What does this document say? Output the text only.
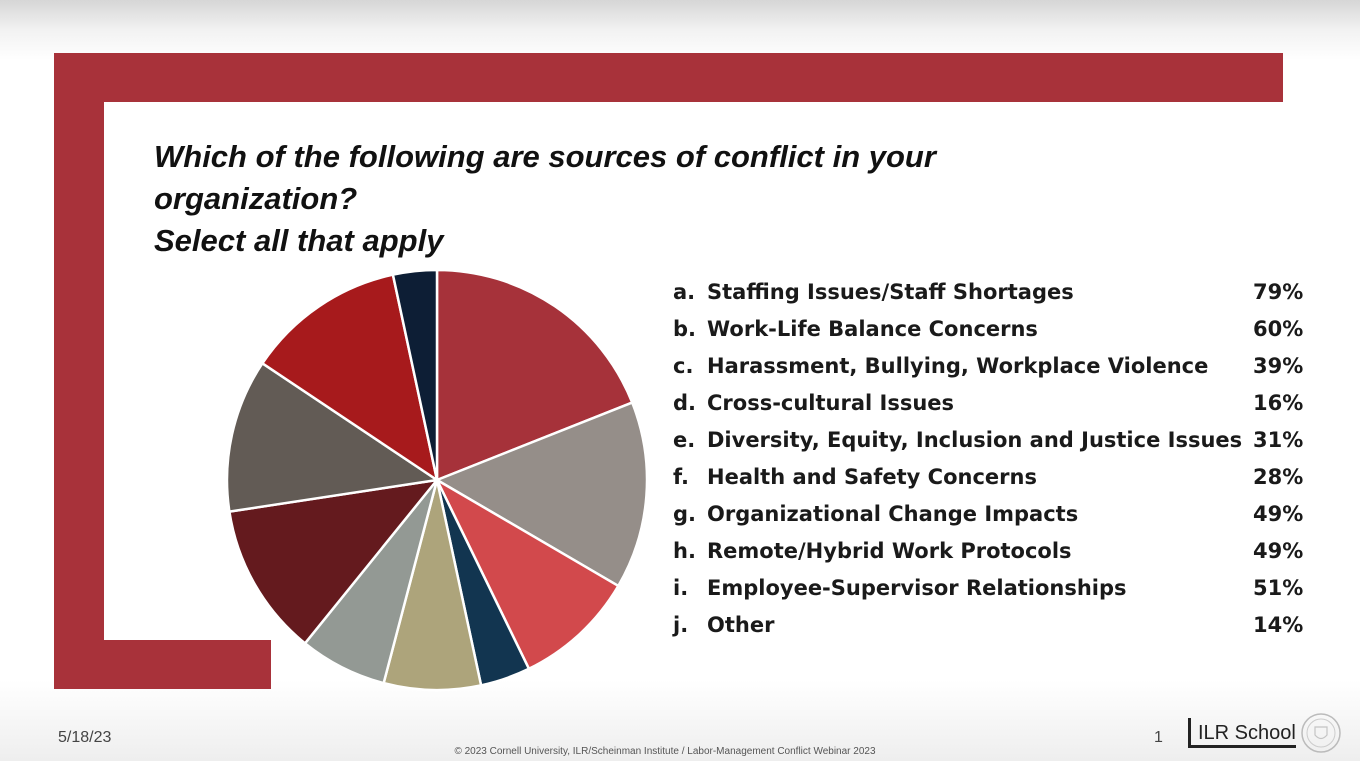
Which of the following are sources of conflict in your
organization?
Select all that apply
a. Staffing Issues/Staff Shortages	79%
b. Work-Life Balance Concerns	60%
c. Harassment, Bullying, Workplace Violence 39%
d. Cross-cultural Issues	16%
e. Diversity, Equity, Inclusion and Justice Issues 31%
f. Health and Safety Concerns	28%
g. Organizational Change Impacts	49%
h. Remote/Hybrid Work Protocols	49%
i. Employee-Supervisor Relationships	51%
j. Other	14%
5/18/23
© 2023 Cornell University, ILR/Scheinman Institute / Labor-Management Conflict Webinar 2023
1	ILR School
